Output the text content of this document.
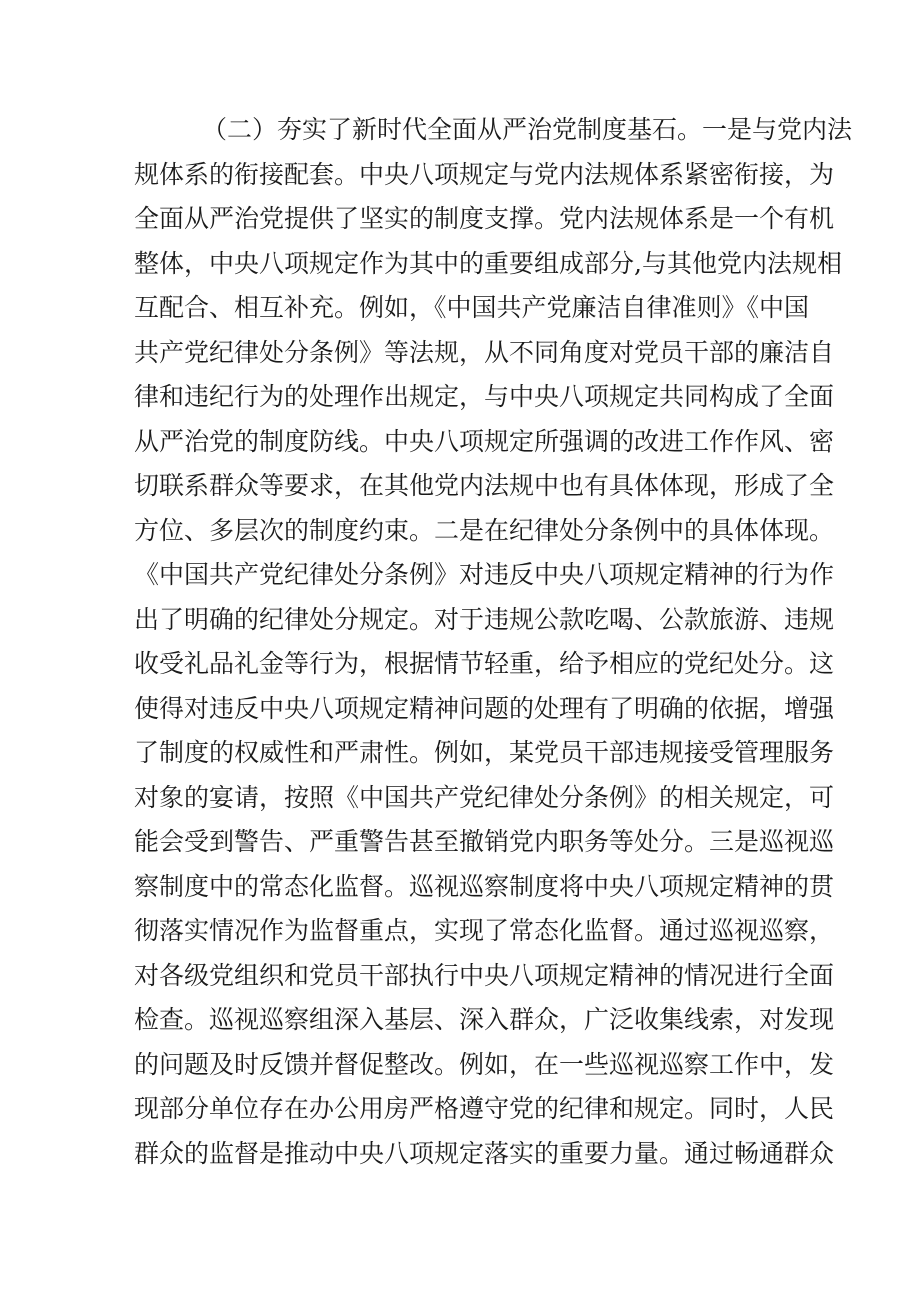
（二）夯实了新时代全面从严治党制度基石。一是与党内法
规体系的衔接配套。中央八项规定与党内法规体系紧密衔接，为
全面从严治党提供了坚实的制度支撑。党内法规体系是一个有机
整体，中央八项规定作为其中的重要组成部分,与其他党内法规相
互配合、相互补充。例如，《中国共产党廉洁自律准则》《中国
共产党纪律处分条例》等法规，从不同角度对党员干部的廉洁自
律和违纪行为的处理作出规定，与中央八项规定共同构成了全面
从严治党的制度防线。中央八项规定所强调的改进工作作风、密
切联系群众等要求，在其他党内法规中也有具体体现，形成了全
方位、多层次的制度约束。二是在纪律处分条例中的具体体现。
《中国共产党纪律处分条例》对违反中央八项规定精神的行为作
出了明确的纪律处分规定。对于违规公款吃喝、公款旅游、违规
收受礼品礼金等行为，根据情节轻重，给予相应的党纪处分。这
使得对违反中央八项规定精神问题的处理有了明确的依据，增强
了制度的权威性和严肃性。例如，某党员干部违规接受管理服务
对象的宴请，按照《中国共产党纪律处分条例》的相关规定，可
能会受到警告、严重警告甚至撤销党内职务等处分。三是巡视巡
察制度中的常态化监督。巡视巡察制度将中央八项规定精神的贯
彻落实情况作为监督重点，实现了常态化监督。通过巡视巡察，
对各级党组织和党员干部执行中央八项规定精神的情况进行全面
检查。巡视巡察组深入基层、深入群众，广泛收集线索，对发现
的问题及时反馈并督促整改。例如，在一些巡视巡察工作中，发
现部分单位存在办公用房严格遵守党的纪律和规定。同时，人民
群众的监督是推动中央八项规定落实的重要力量。通过畅通群众
